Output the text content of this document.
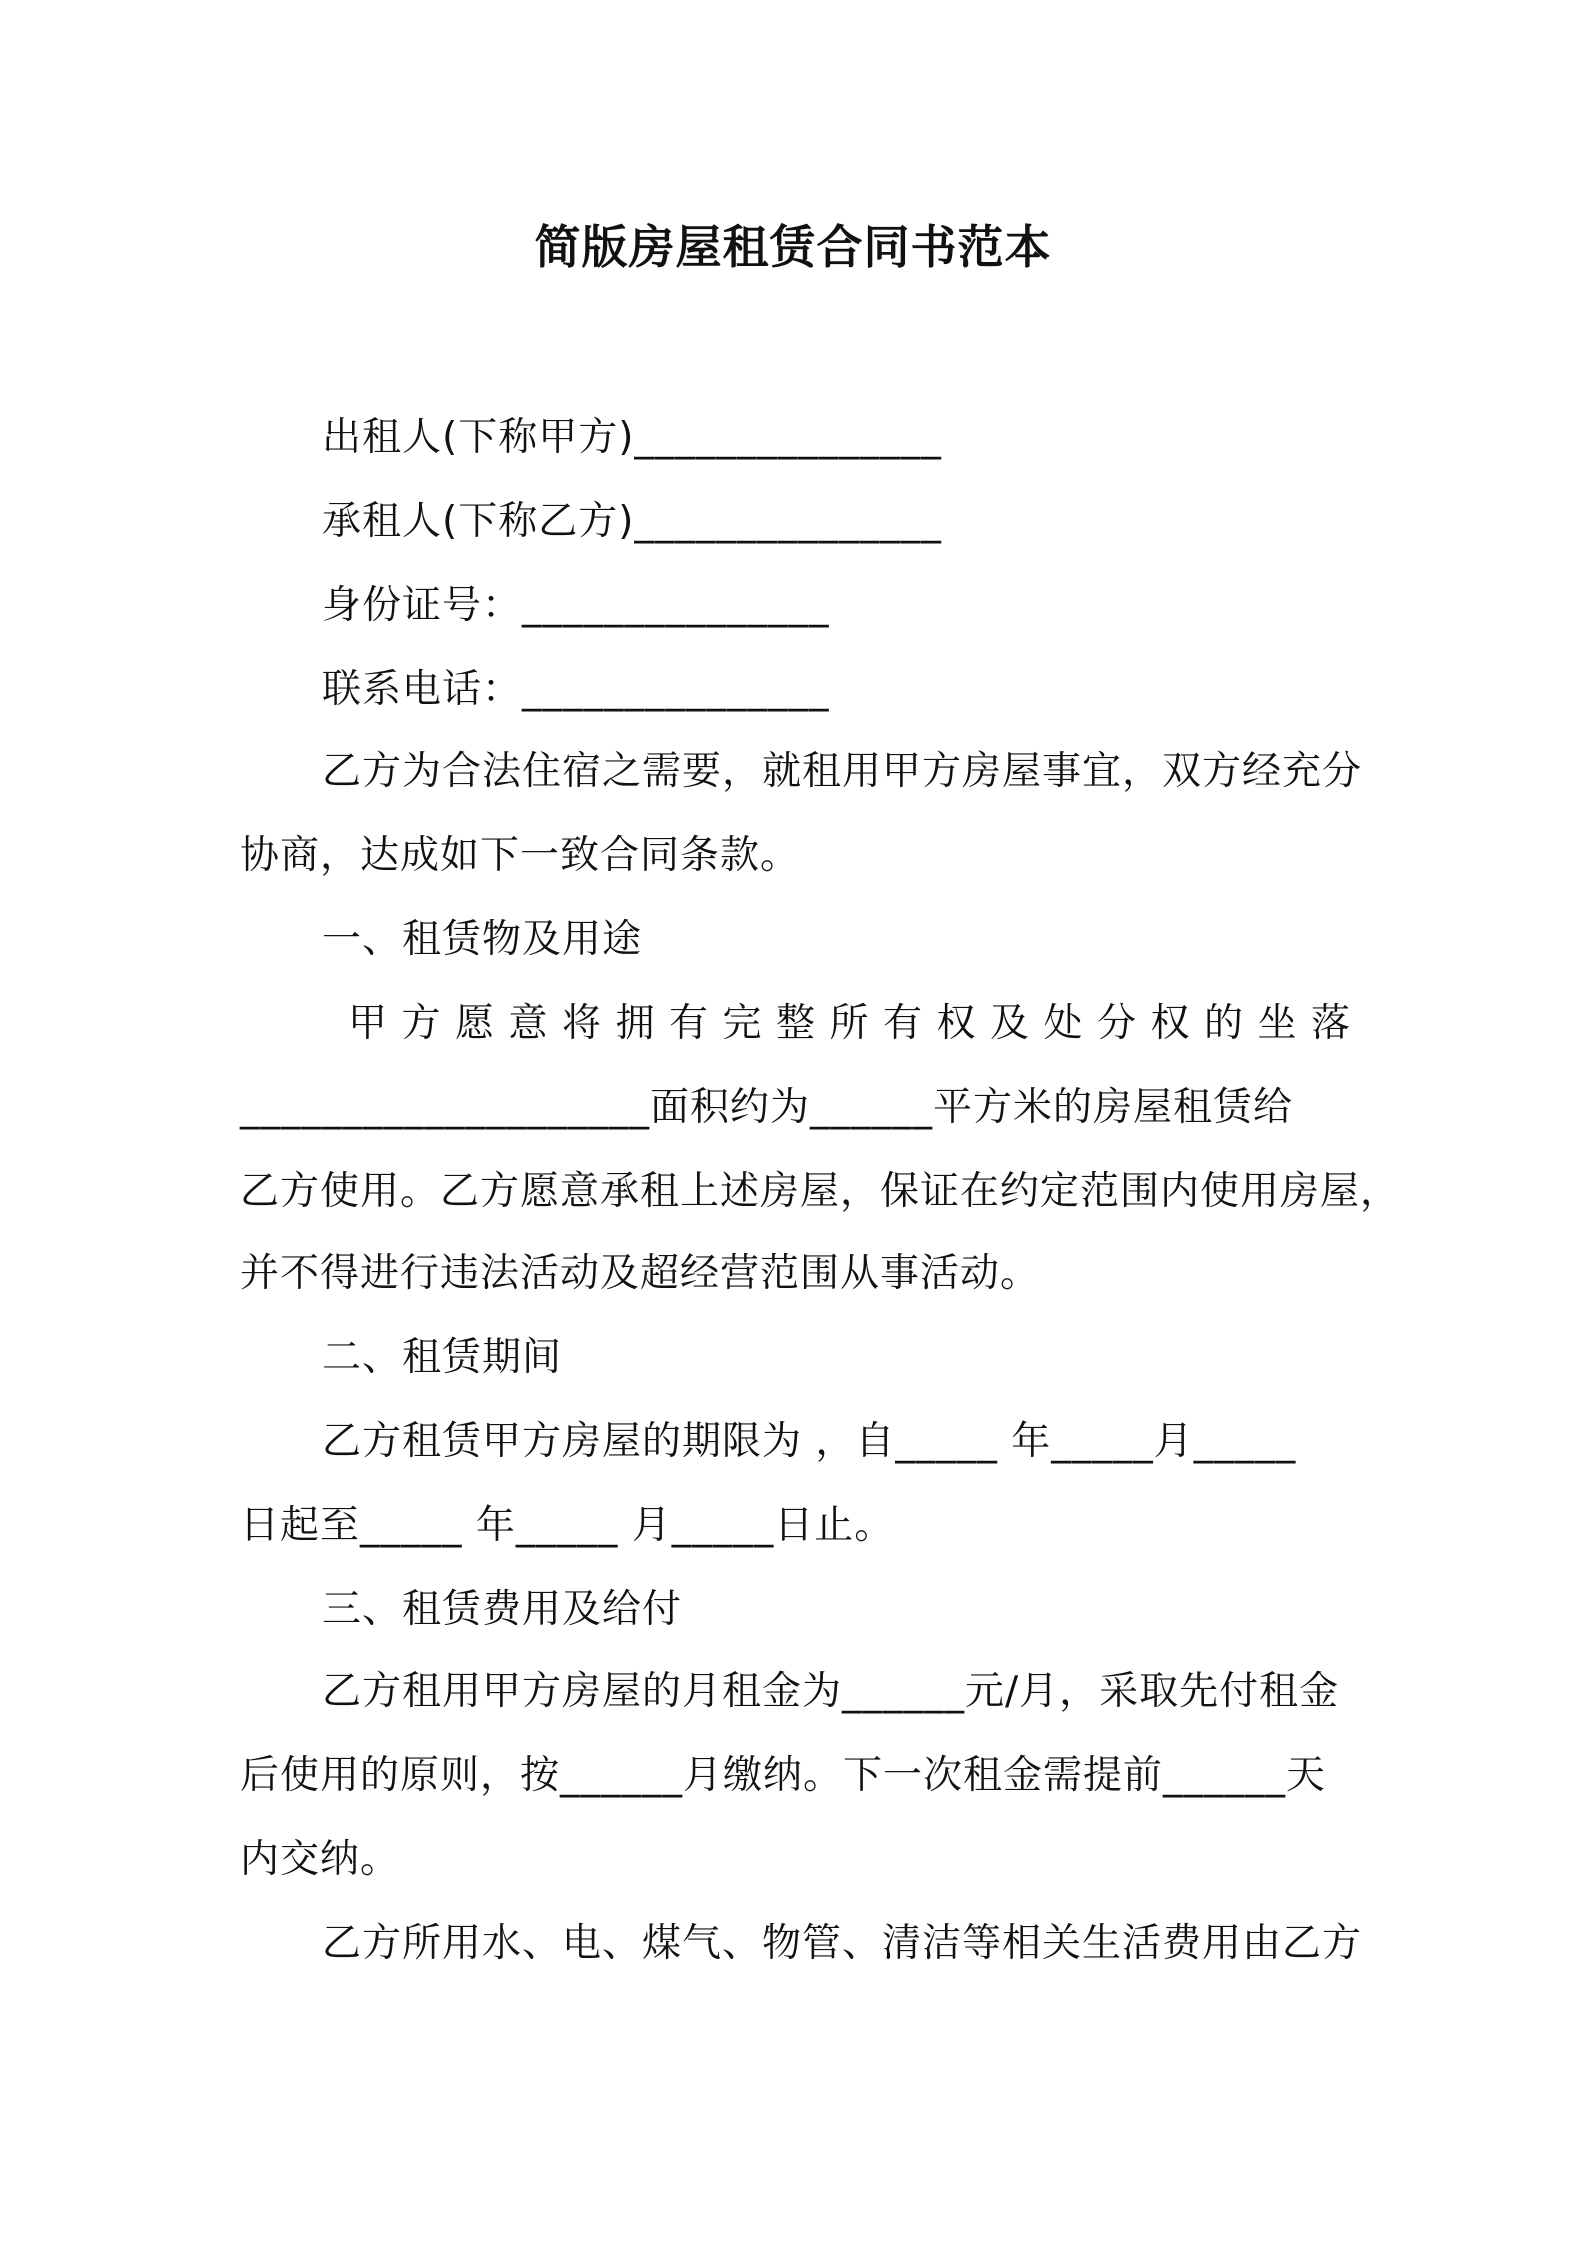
简版房屋租赁合同书范本
出租人(下称甲方)_______________
承租人(下称乙方)_______________
身份证号：_______________
联系电话：_______________
乙方为合法住宿之需要，就租用甲方房屋事宜，双方经充分
协商，达成如下一致合同条款。
一、租赁物及用途
甲 方 愿 意 将 拥 有 完 整 所 有 权 及 处 分 权 的 坐 落
____________________面积约为______平方米的房屋租赁给
乙方使用。乙方愿意承租上述房屋，保证在约定范围内使用房屋，
并不得进行违法活动及超经营范围从事活动。
二、租赁期间
乙方租赁甲方房屋的期限为 ，自_____ 年_____月_____
日起至_____ 年_____ 月_____日止。
三、租赁费用及给付
乙方租用甲方房屋的月租金为______元/月，采取先付租金
后使用的原则，按______月缴纳。下一次租金需提前______天
内交纳。
乙方所用水、电、煤气、物管、清洁等相关生活费用由乙方
